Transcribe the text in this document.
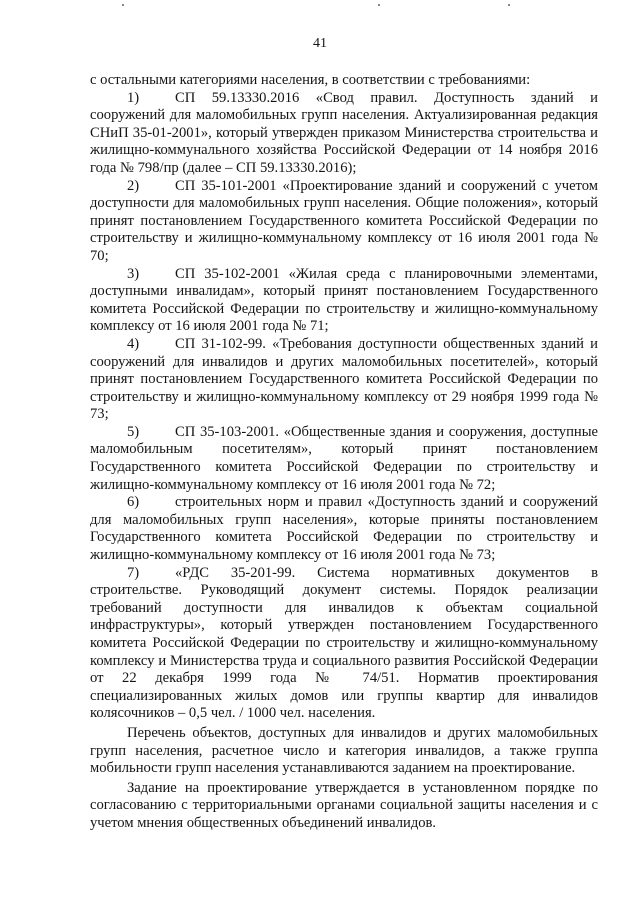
41

с остальными категориями населения, в соответствии с требованиями:

1) СП 59.13330.2016 «Свод правил. Доступность зданий и сооружений для маломобильных групп населения. Актуализированная редакция СНиП 35-01-2001», который утвержден приказом Министерства строительства и жилищно-коммунального хозяйства Российской Федерации от 14 ноября 2016 года № 798/пр (далее – СП 59.13330.2016);

2) СП 35-101-2001 «Проектирование зданий и сооружений с учетом доступности для маломобильных групп населения. Общие положения», который принят постановлением Государственного комитета Российской Федерации по строительству и жилищно-коммунальному комплексу от 16 июля 2001 года № 70;

3) СП 35-102-2001 «Жилая среда с планировочными элементами, доступными инвалидам», который принят постановлением Государственного комитета Российской Федерации по строительству и жилищно-коммунальному комплексу от 16 июля 2001 года № 71;

4) СП 31-102-99. «Требования доступности общественных зданий и сооружений для инвалидов и других маломобильных посетителей», который принят постановлением Государственного комитета Российской Федерации по строительству и жилищно-коммунальному комплексу от 29 ноября 1999 года № 73;

5) СП 35-103-2001. «Общественные здания и сооружения, доступные маломобильным посетителям», который принят постановлением Государственного комитета Российской Федерации по строительству и жилищно-коммунальному комплексу от 16 июля 2001 года № 72;

6) строительных норм и правил «Доступность зданий и сооружений для маломобильных групп населения», которые приняты постановлением Государственного комитета Российской Федерации по строительству и жилищно-коммунальному комплексу от 16 июля 2001 года № 73;

7) «РДС 35-201-99. Система нормативных документов в строительстве. Руководящий документ системы. Порядок реализации требований доступности для инвалидов к объектам социальной инфраструктуры», который утвержден постановлением Государственного комитета Российской Федерации по строительству и жилищно-коммунальному комплексу и Министерства труда и социального развития Российской Федерации от 22 декабря 1999 года № 74/51. Норматив проектирования специализированных жилых домов или группы квартир для инвалидов колясочников – 0,5 чел. / 1000 чел. населения.

Перечень объектов, доступных для инвалидов и других маломобильных групп населения, расчетное число и категория инвалидов, а также группа мобильности групп населения устанавливаются заданием на проектирование.

Задание на проектирование утверждается в установленном порядке по согласованию с территориальными органами социальной защиты населения и с учетом мнения общественных объединений инвалидов.
